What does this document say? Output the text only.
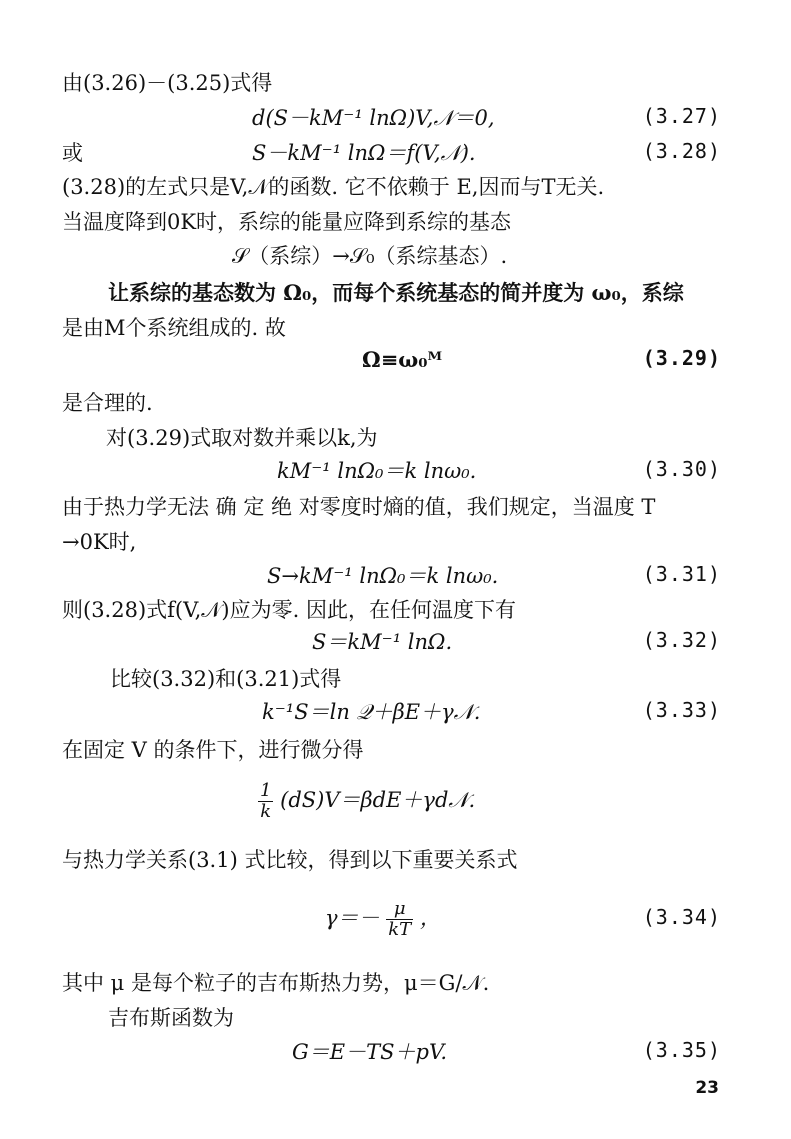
由(3.26)－(3.25)式得
d(S－kM⁻¹ lnΩ)V,𝒩＝0,	(3.27)
或	S－kM⁻¹ lnΩ＝f(V,𝒩).	(3.28)
(3.28)的左式只是V,𝒩的函数. 它不依赖于 E,因而与T无关.
当温度降到0K时，系综的能量应降到系综的基态
𝒮（系综）→𝒮₀（系综基态）.
让系综的基态数为 Ω₀，而每个系统基态的简并度为 ω₀，系综
是由M个系统组成的. 故
Ω≡ω₀ᴹ	(3.29)
是合理的.
对(3.29)式取对数并乘以k,为
kM⁻¹ lnΩ₀＝k lnω₀.	(3.30)
由于热力学无法 确 定 绝 对零度时熵的值，我们规定，当温度 T
→0K时,
S→kM⁻¹ lnΩ₀＝k lnω₀.	(3.31)
则(3.28)式f(V,𝒩)应为零. 因此，在任何温度下有
S＝kM⁻¹ lnΩ.	(3.32)
比较(3.32)和(3.21)式得
k⁻¹S＝ln 𝒬＋βE＋γ𝒩.	(3.33)
在固定 V 的条件下，进行微分得
$\frac{1}{k}$ (dS)V＝βdE＋γd𝒩.
与热力学关系(3.1) 式比较，得到以下重要关系式
$\gamma=- \frac{\mu}{kT}$ ，	(3.34)
其中 μ 是每个粒子的吉布斯热力势，μ＝G/𝒩.
吉布斯函数为
G＝E－TS＋pV.	(3.35)
23
